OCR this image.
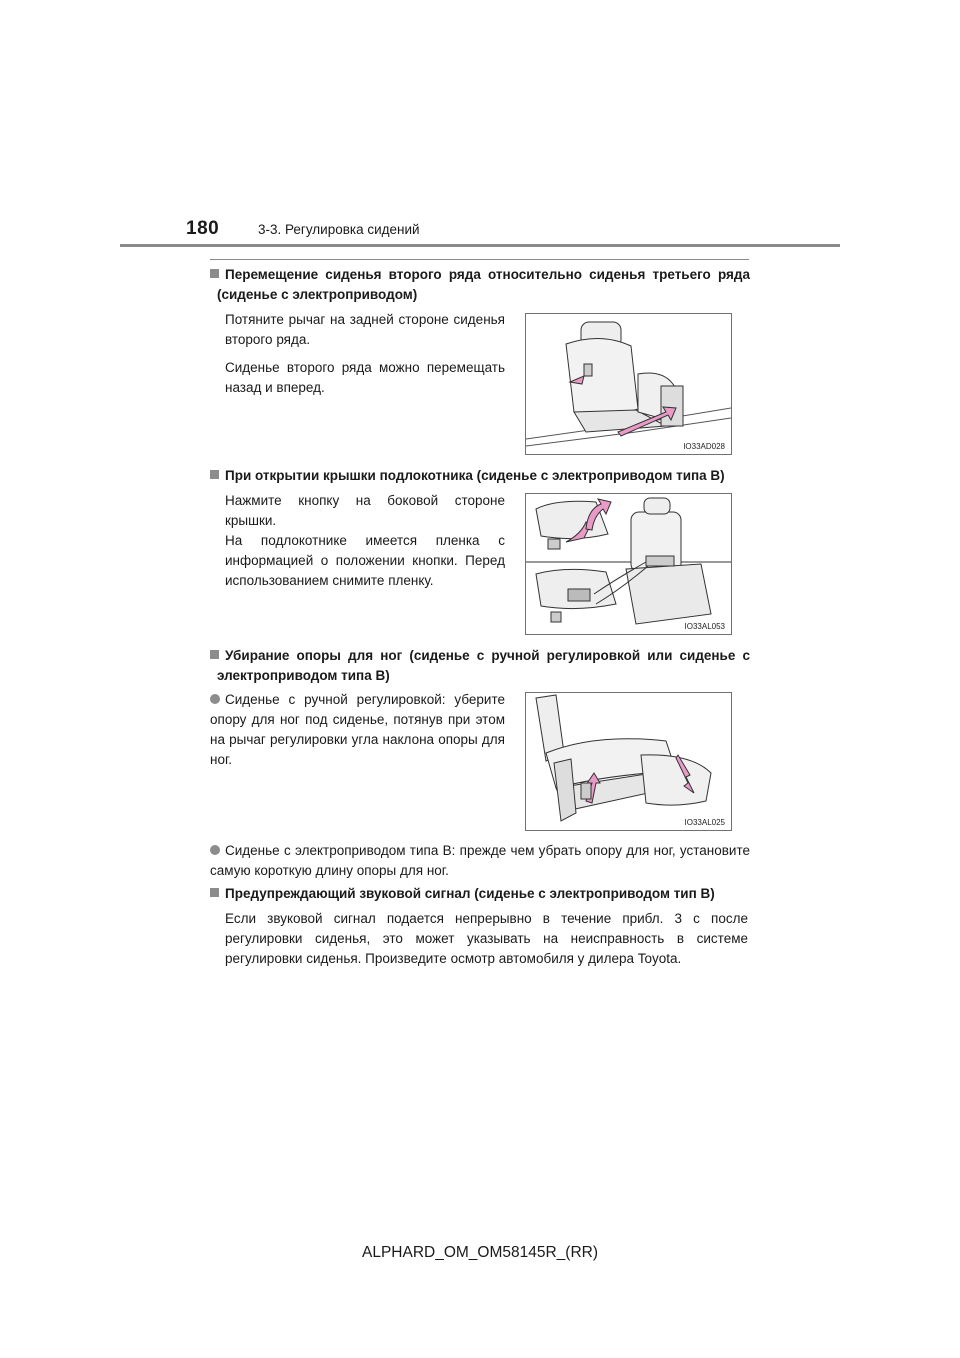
180	3-3. Регулировка сидений
Перемещение сиденья второго ряда относительно сиденья третьего ряда
(сиденье с электроприводом)

Потяните рычаг на задней стороне сиденья второго ряда.

Сиденье второго ряда можно перемещать назад и вперед.

IO33AD028
При открытии крышки подлокотника (сиденье с электроприводом типа B)

Нажмите кнопку на боковой стороне крышки.

На подлокотнике имеется пленка с информацией о положении кнопки. Перед использованием снимите пленку.

IO33AL053
Убирание опоры для ног (сиденье с ручной регулировкой или сиденье с
электроприводом типа B)

Сиденье с ручной регулировкой: уберите опору для ног под сиденье, потянув при этом на рычаг регулировки угла наклона опоры для ног.

IO33AL025

Сиденье с электроприводом типа B: прежде чем убрать опору для ног, установите самую короткую длину опоры для ног.

Предупреждающий звуковой сигнал (сиденье с электроприводом тип B)

Если звуковой сигнал подается непрерывно в течение прибл. 3 с после регулировки сиденья, это может указывать на неисправность в системе регулировки сиденья. Произведите осмотр автомобиля у дилера Toyota.

ALPHARD_OM_OM58145R_(RR)
